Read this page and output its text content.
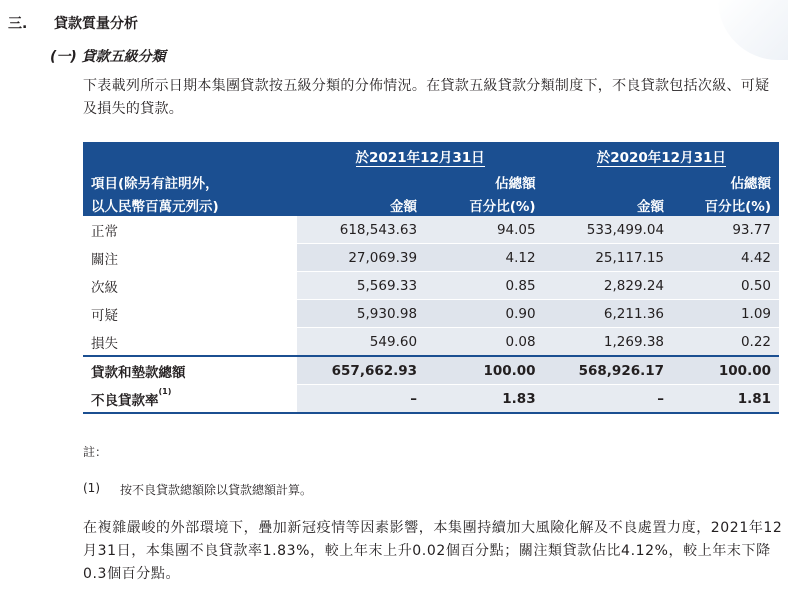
三. 貸款質量分析
(一) 貸款五級分類
下表載列所示日期本集團貸款按五級分類的分佈情況。在貸款五級貸款分類制度下，不良貸款包括次級、可疑及損失的貸款。
	於2021年12月31日		於2020年12月31日	
項目(除另有註明外，		佔總額		佔總額
以人民幣百萬元列示)	金額	百分比(%)	金額	百分比(%)
正常	618,543.63	94.05	533,499.04	93.77
關注	27,069.39	4.12	25,117.15	4.42
次級	5,569.33	0.85	2,829.24	0.50
可疑	5,930.98	0.90	6,211.36	1.09
損失	549.60	0.08	1,269.38	0.22
貸款和墊款總額	657,662.93	100.00	568,926.17	100.00
不良貸款率$^{(1)}$	–	1.83	–	1.81
註：
(1) 按不良貸款總額除以貸款總額計算。
在複雜嚴峻的外部環境下，疊加新冠疫情等因素影響，本集團持續加大風險化解及不良處置力度，2021年12月31日，本集團不良貸款率1.83%，較上年末上升0.02個百分點；關注類貸款佔比4.12%，較上年末下降0.3個百分點。
